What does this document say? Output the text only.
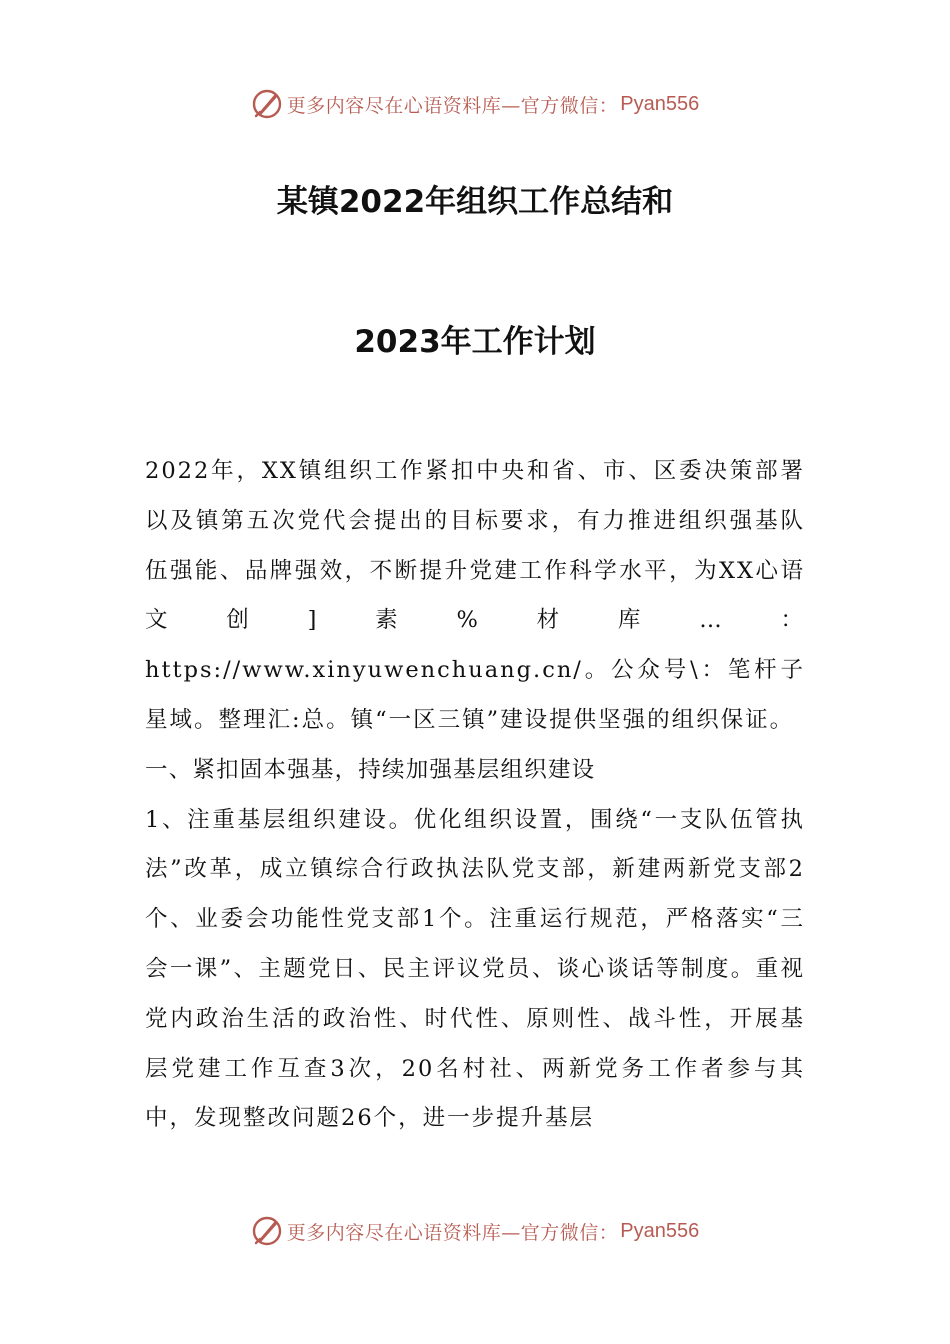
更多内容尽在心语资料库—官方微信： Pyan556
某镇2022年组织工作总结和
2023年工作计划

2022年，XX镇组织工作紧扣中央和省、市、区委决策部署以及镇第五次党代会提出的目标要求，有力推进组织强基队伍强能、品牌强效，不断提升党建工作科学水平，为XX心语文创]素%材库…：https://www.xinyuwenchuang.cn/。公众号\：笔杆子星域。整理汇:总。镇“一区三镇”建设提供坚强的组织保证。

一、紧扣固本强基，持续加强基层组织建设

1、注重基层组织建设。优化组织设置，围绕“一支队伍管执法”改革，成立镇综合行政执法队党支部，新建两新党支部2个、业委会功能性党支部1个。注重运行规范，严格落实“三会一课”、主题党日、民主评议党员、谈心谈话等制度。重视党内政治生活的政治性、时代性、原则性、战斗性，开展基层党建工作互查3次，20名村社、两新党务工作者参与其中，发现整改问题26个，进一步提升基层

更多内容尽在心语资料库—官方微信： Pyan556
